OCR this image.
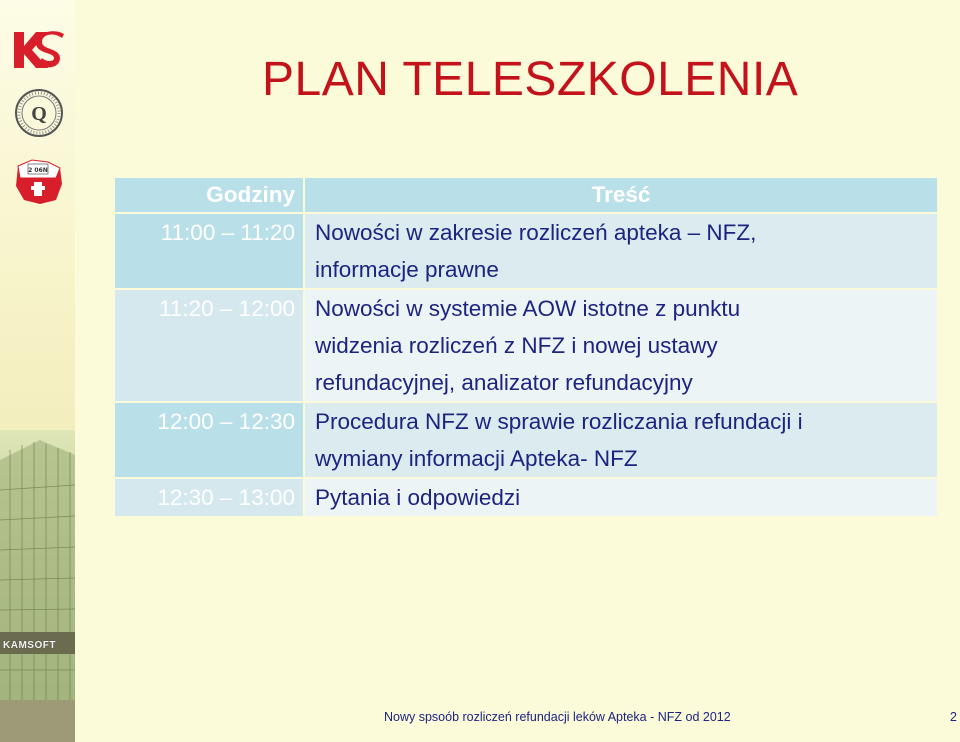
Q
2 06N
KAMSOFT
PLAN TELESZKOLENIA
Godziny	Treść
11:00 – 11:20	Nowości w zakresie rozliczeń apteka – NFZ,
informacje prawne

11:20 – 12:00	Nowości w systemie AOW istotne z punktu
widzenia rozliczeń z NFZ i nowej ustawy
refundacyjnej, analizator refundacyjny

12:00 – 12:30	Procedura NFZ w sprawie rozliczania refundacji i
wymiany informacji Apteka- NFZ

12:30 – 13:00	Pytania i odpowiedzi
Nowy spsoób rozliczeń refundacji leków Apteka - NFZ od 2012	2
